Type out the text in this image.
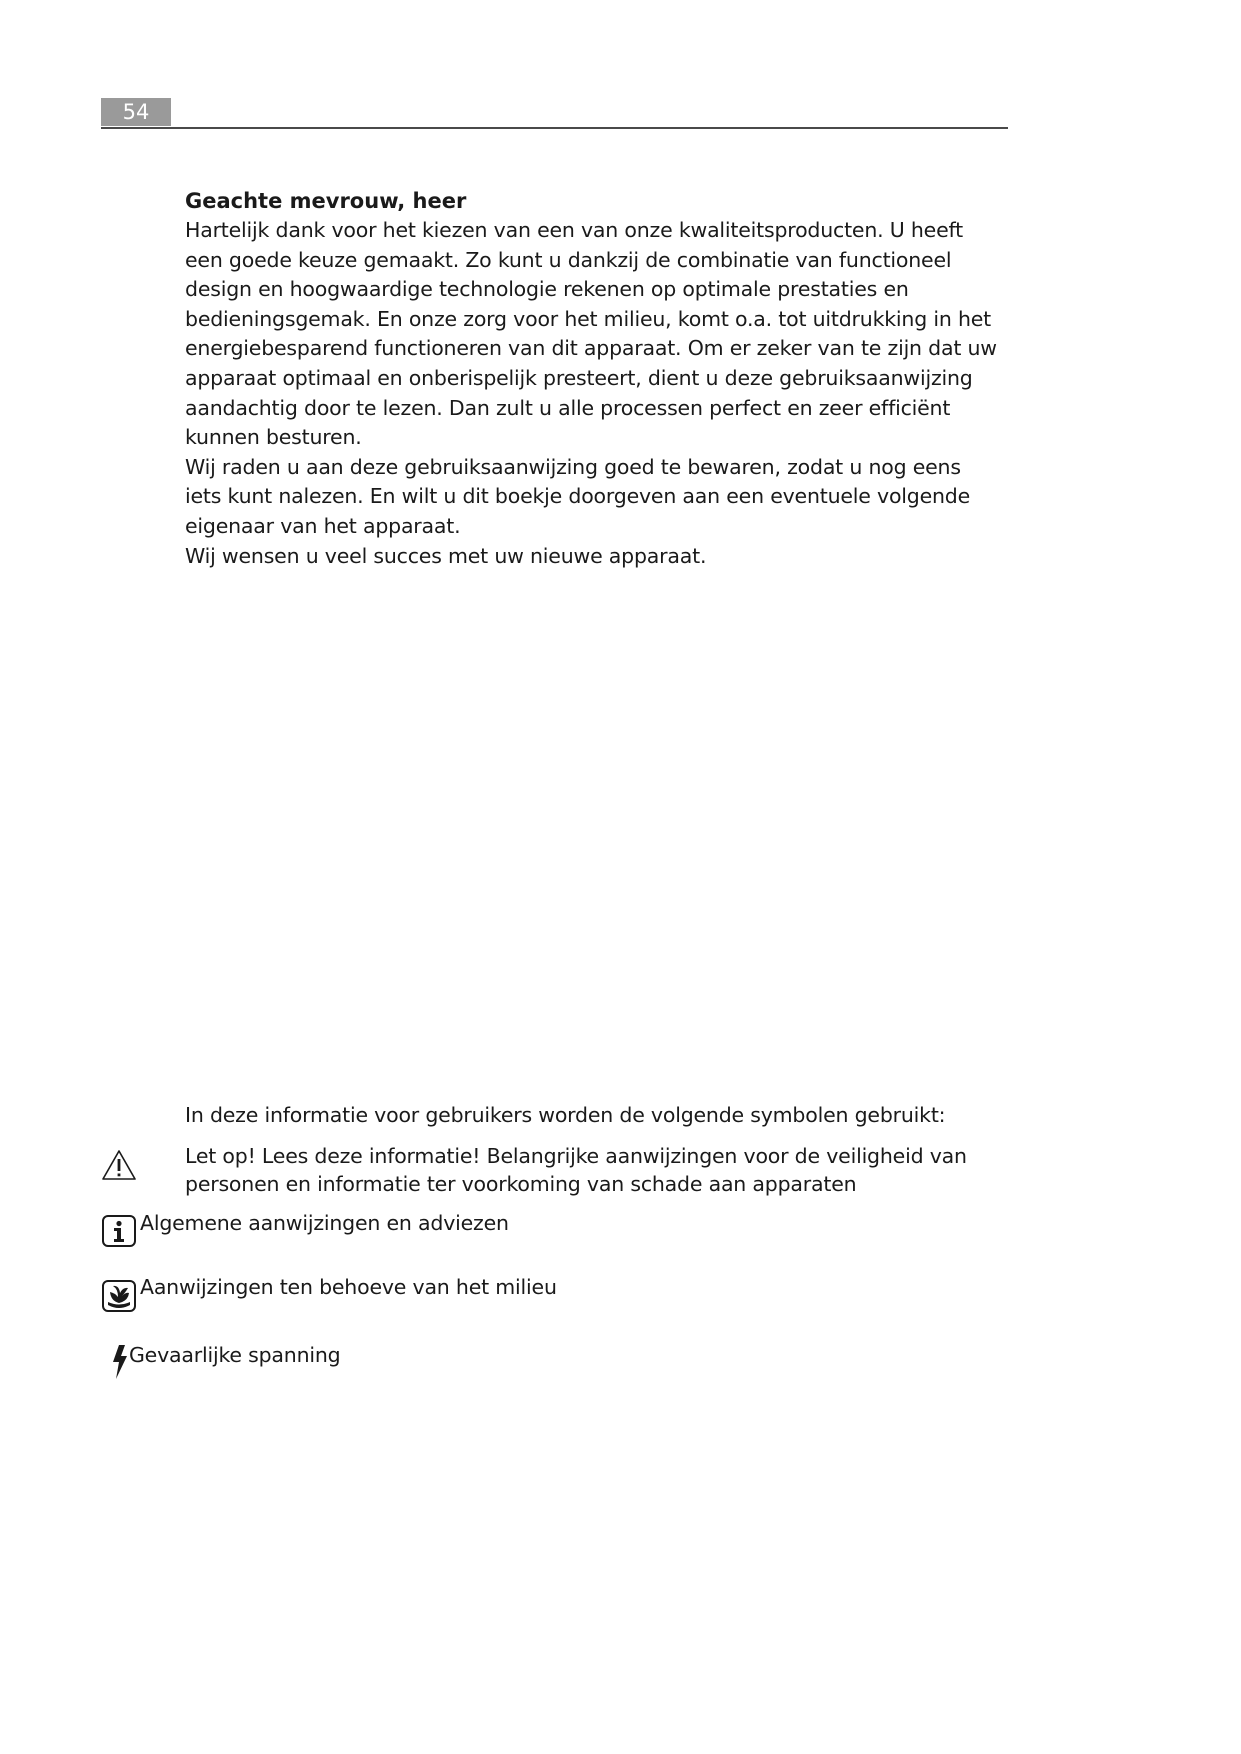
54

Geachte mevrouw, heer

Hartelijk dank voor het kiezen van een van onze kwaliteitsproducten. U heeft een goede keuze gemaakt. Zo kunt u dankzij de combinatie van functioneel design en hoogwaardige technologie rekenen op optimale prestaties en bedieningsgemak. En onze zorg voor het milieu, komt o.a. tot uitdrukking in het energiebesparend functioneren van dit apparaat. Om er zeker van te zijn dat uw apparaat optimaal en onberispelijk presteert, dient u deze gebruiksaanwijzing aandachtig door te lezen. Dan zult u alle processen perfect en zeer efficiënt kunnen besturen.

Wij raden u aan deze gebruiksaanwijzing goed te bewaren, zodat u nog eens iets kunt nalezen. En wilt u dit boekje doorgeven aan een eventuele volgende eigenaar van het apparaat.

Wij wensen u veel succes met uw nieuwe apparaat.

In deze informatie voor gebruikers worden de volgende symbolen gebruikt:

Let op! Lees deze informatie! Belangrijke aanwijzingen voor de veiligheid van personen en informatie ter voorkoming van schade aan apparaten

Algemene aanwijzingen en adviezen

Aanwijzingen ten behoeve van het milieu

Gevaarlijke spanning
